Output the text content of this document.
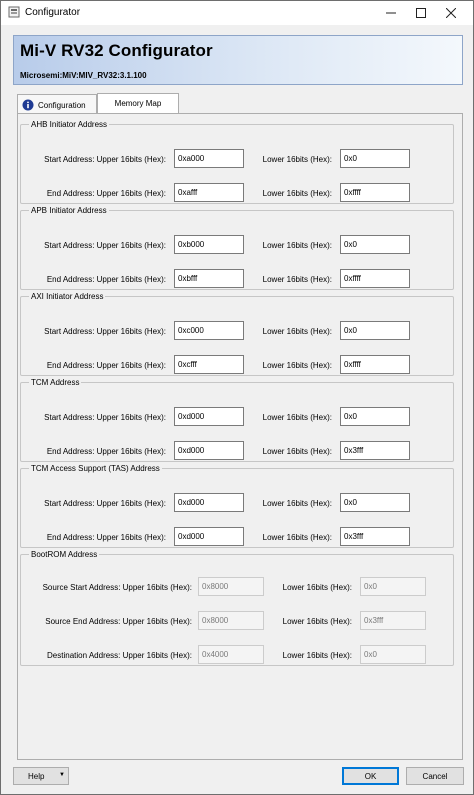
Configurator
Mi-V RV32 Configurator
Microsemi:MiV:MIV_RV32:3.1.100
Configuration	Memory Map
AHB Initiator Address
Start Address: Upper 16bits (Hex):	0xa000	Lower 16bits (Hex):	0x0
End Address: Upper 16bits (Hex):	0xafff	Lower 16bits (Hex):	0xffff
APB Initiator Address
Start Address: Upper 16bits (Hex):	0xb000	Lower 16bits (Hex):	0x0
End Address: Upper 16bits (Hex):	0xbfff	Lower 16bits (Hex):	0xffff
AXI Initiator Address
Start Address: Upper 16bits (Hex):	0xc000	Lower 16bits (Hex):	0x0
End Address: Upper 16bits (Hex):	0xcfff	Lower 16bits (Hex):	0xffff
TCM Address
Start Address: Upper 16bits (Hex):	0xd000	Lower 16bits (Hex):	0x0
End Address: Upper 16bits (Hex):	0xd000	Lower 16bits (Hex):	0x3fff
TCM Access Support (TAS) Address
Start Address: Upper 16bits (Hex):	0xd000	Lower 16bits (Hex):	0x0
End Address: Upper 16bits (Hex):	0xd000	Lower 16bits (Hex):	0x3fff
BootROM Address
Source Start Address: Upper 16bits (Hex):	0x8000	Lower 16bits (Hex):	0x0
Source End Address: Upper 16bits (Hex):	0x8000	Lower 16bits (Hex):	0x3fff
Destination Address: Upper 16bits (Hex):	0x4000	Lower 16bits (Hex):	0x0
Help ▼	OK	Cancel
